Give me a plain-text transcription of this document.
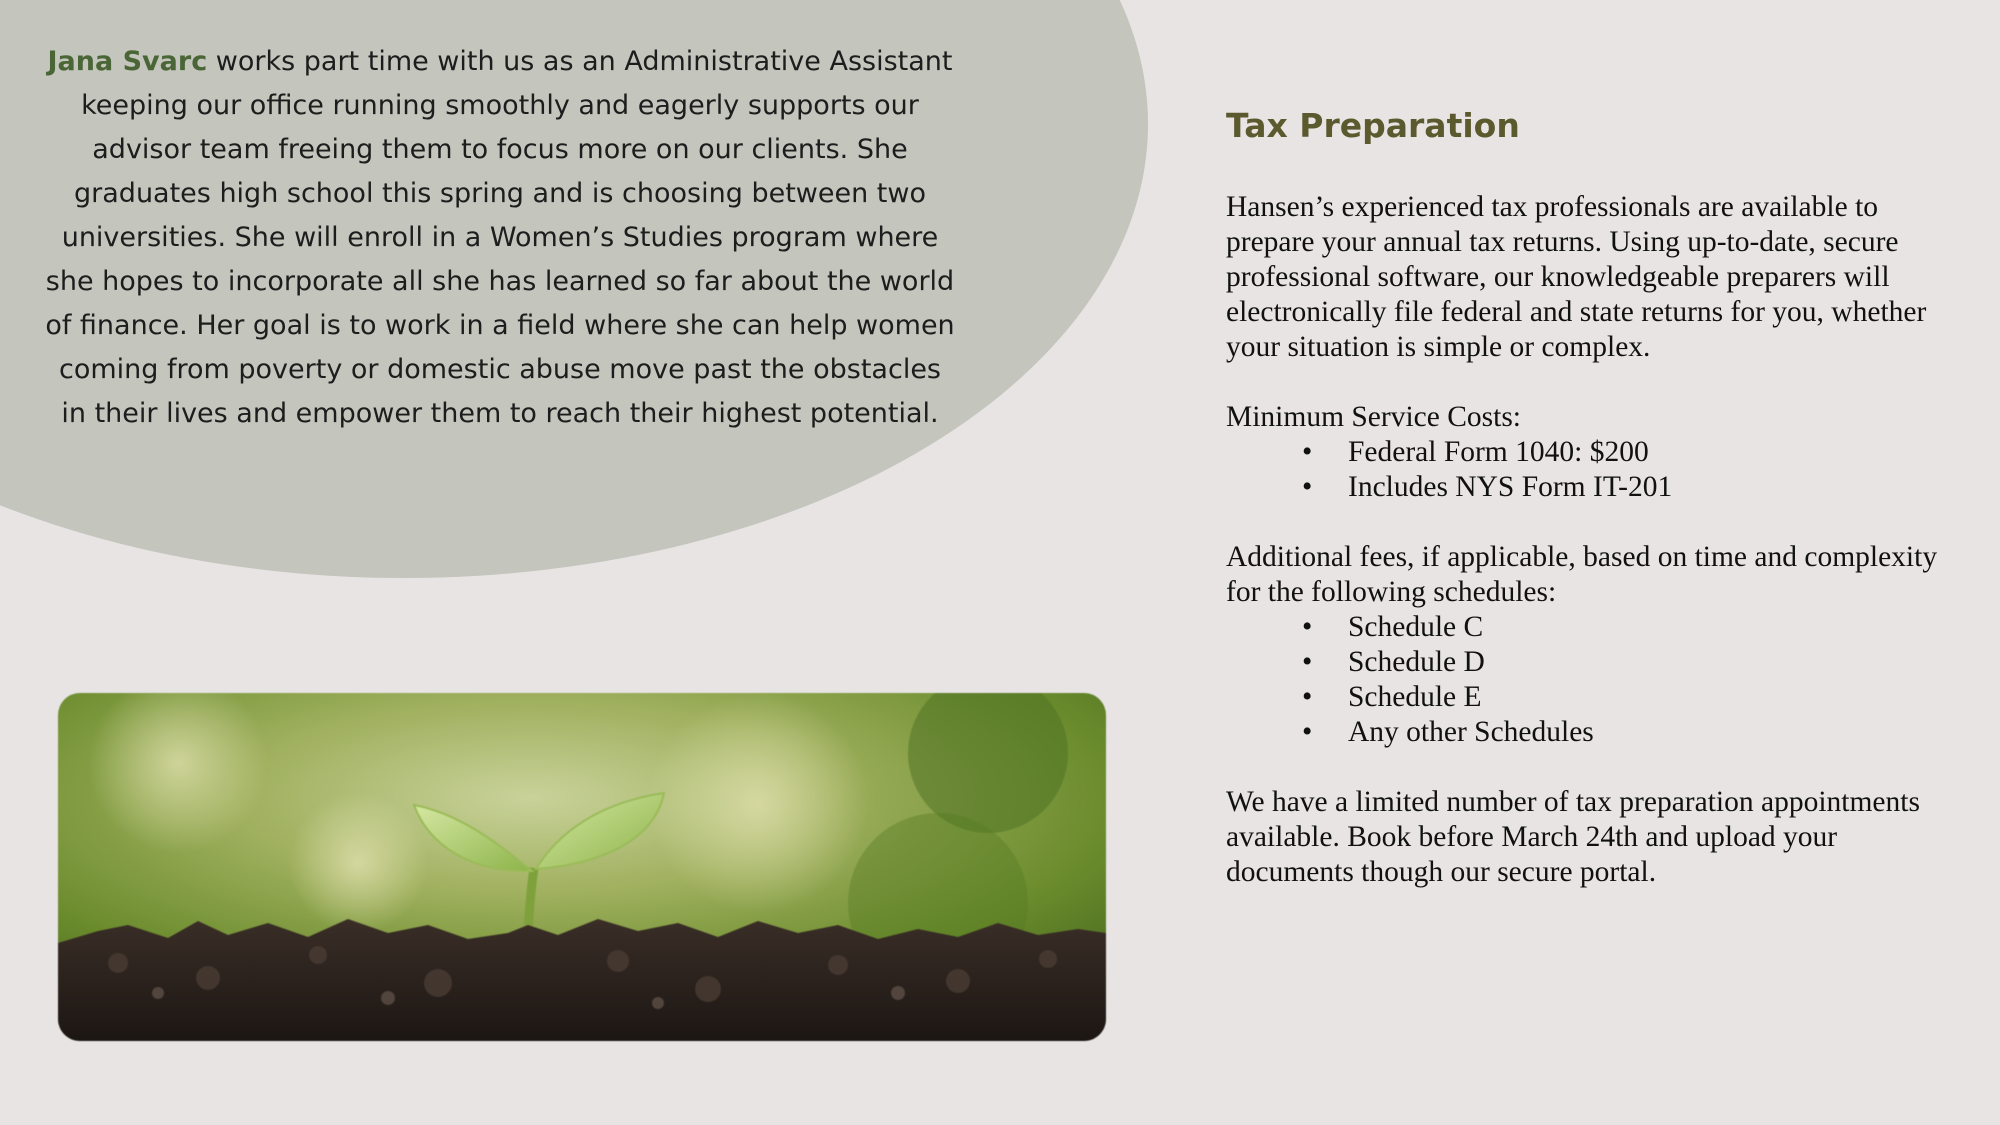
Jana Svarc works part time with us as an Administrative Assistant keeping our office running smoothly and eagerly supports our advisor team freeing them to focus more on our clients. She graduates high school this spring and is choosing between two universities. She will enroll in a Women’s Studies program where she hopes to incorporate all she has learned so far about the world of finance. Her goal is to work in a field where she can help women coming from poverty or domestic abuse move past the obstacles in their lives and empower them to reach their highest potential.

Tax Preparation

Hansen’s experienced tax professionals are available to prepare your annual tax returns. Using up-to-date, secure professional software, our knowledgeable preparers will electronically file federal and state returns for you, whether your situation is simple or complex.

Minimum Service Costs:

• Federal Form 1040: $200
• Includes NYS Form IT-201

Additional fees, if applicable, based on time and complexity for the following schedules:

• Schedule C
• Schedule D
• Schedule E
• Any other Schedules

We have a limited number of tax preparation appointments available. Book before March 24th and upload your documents though our secure portal.
